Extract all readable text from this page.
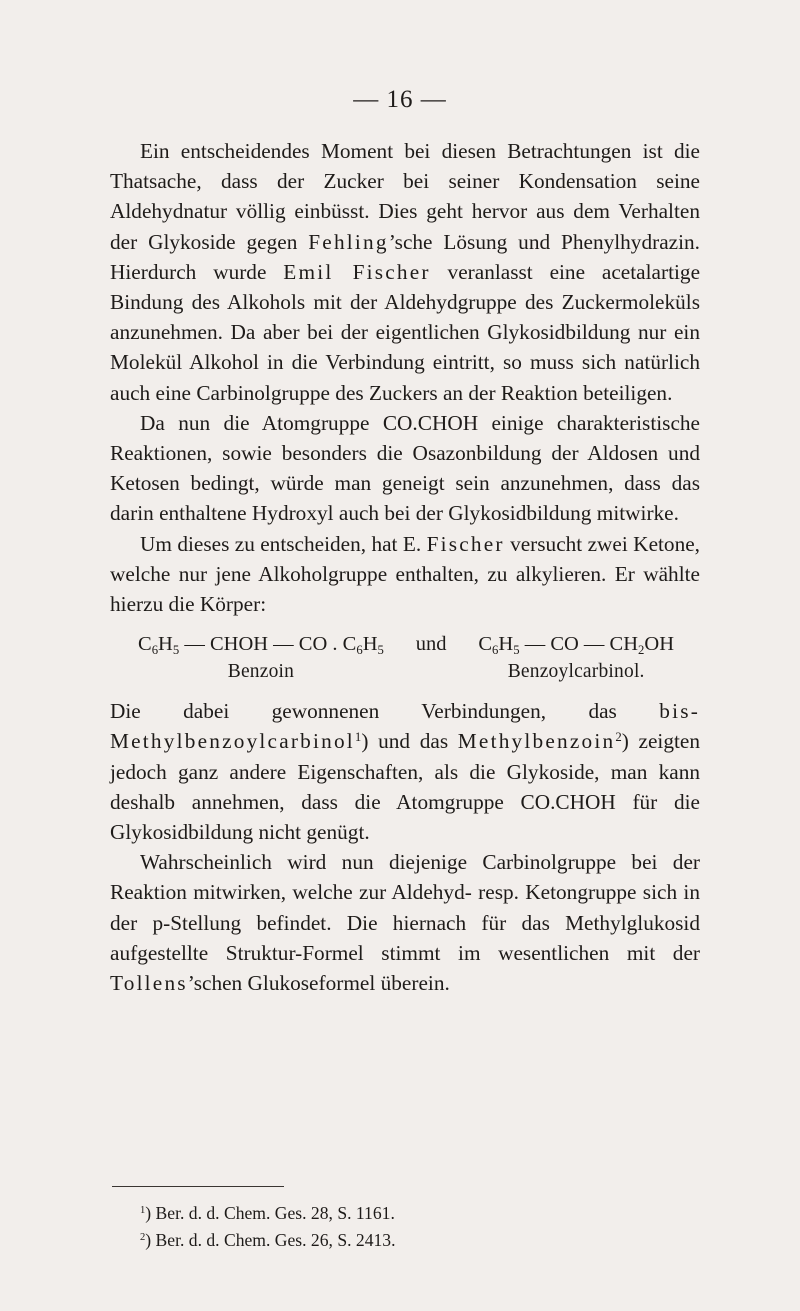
— 16 —

Ein entscheidendes Moment bei diesen Betrachtungen ist die Thatsache, dass der Zucker bei seiner Kondensation seine Aldehydnatur völlig einbüsst. Dies geht hervor aus dem Verhalten der Glykoside gegen Fehling’sche Lösung und Phenylhydrazin. Hierdurch wurde Emil Fischer veranlasst eine acetalartige Bindung des Alkohols mit der Aldehydgruppe des Zuckermoleküls anzunehmen. Da aber bei der eigentlichen Glykosidbildung nur ein Molekül Alkohol in die Verbindung eintritt, so muss sich natürlich auch eine Carbinolgruppe des Zuckers an der Reaktion beteiligen.

Da nun die Atomgruppe CO.CHOH einige charakteristische Reaktionen, sowie besonders die Osazonbildung der Aldosen und Ketosen bedingt, würde man geneigt sein anzunehmen, dass das darin enthaltene Hydroxyl auch bei der Glykosidbildung mitwirke.

Um dieses zu entscheiden, hat E. Fischer versucht zwei Ketone, welche nur jene Alkoholgruppe enthalten, zu alkylieren. Er wählte hierzu die Körper:

$C_6H_5$ — CHOH — CO . $C_6H_5$
Benzoin
und $C_6H_5$ — CO — $CH_2OH$
Benzoylcarbinol.

Die dabei gewonnenen Verbindungen, das bis-Methylbenzoylcarbinol$^1$) und das Methylbenzoin$^2$) zeigten jedoch ganz andere Eigenschaften, als die Glykoside, man kann deshalb annehmen, dass die Atomgruppe CO.CHOH für die Glykosidbildung nicht genügt.

Wahrscheinlich wird nun diejenige Carbinolgruppe bei der Reaktion mitwirken, welche zur Aldehyd- resp. Ketongruppe sich in der p-Stellung befindet. Die hiernach für das Methylglukosid aufgestellte Struktur-Formel stimmt im wesentlichen mit der Tollens’schen Glukoseformel überein.

$^1$) Ber. d. d. Chem. Ges. 28, S. 1161.
$^2$) Ber. d. d. Chem. Ges. 26, S. 2413.
